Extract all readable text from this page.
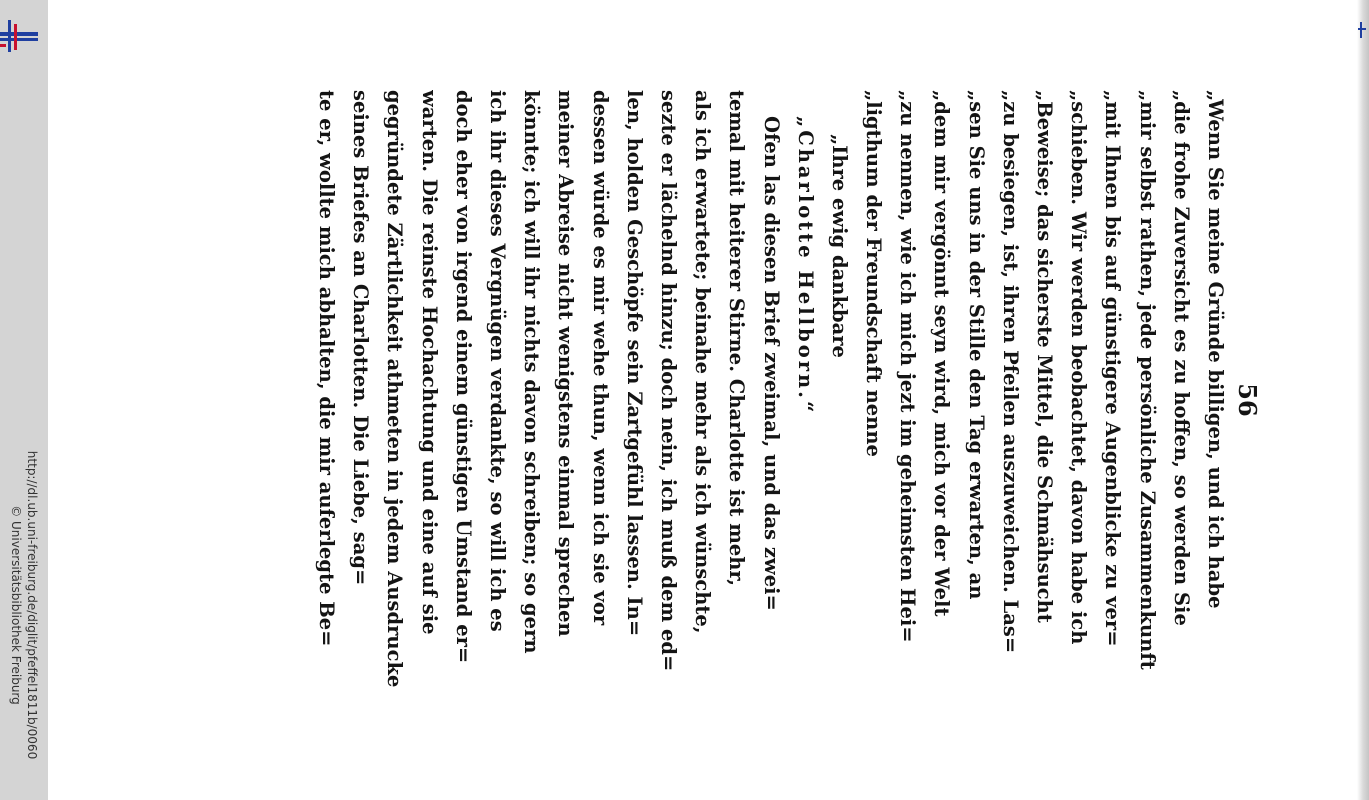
http://dl.ub.uni-freiburg.de/diglit/pfeffel1811b/0060
© Universitätsbibliothek Freiburg
56
„Wenn Sie meine Gründe billigen, und ich habe
„die frohe Zuversicht es zu hoffen, so werden Sie
„mir selbst rathen, jede persönliche Zusammenkunft
„mit Ihnen bis auf günstigere Augenblicke zu ver=
„schieben. Wir werden beobachtet, davon habe ich
„Beweise; das sicherste Mittel, die Schmähsucht
„zu besiegen, ist, ihren Pfeilen auszuweichen. Las=
„sen Sie uns in der Stille den Tag erwarten, an
„dem mir vergönnt seyn wird, mich vor der Welt
„zu nennen, wie ich mich jezt im geheimsten Hei=
„ligthum der Freundschaft nenne
„Ihre ewig dankbare
„Charlotte Hellborn.“
Ofen las diesen Brief zweimal, und das zwei=
temal mit heiterer Stirne. Charlotte ist mehr,
als ich erwartete; beinahe mehr als ich wünschte,
sezte er lächelnd hinzu; doch nein, ich muß dem ed=
len, holden Geschöpfe sein Zartgefühl lassen. In=
dessen würde es mir wehe thun, wenn ich sie vor
meiner Abreise nicht wenigstens einmal sprechen
könnte; ich will ihr nichts davon schreiben; so gern
ich ihr dieses Vergnügen verdankte, so will ich es
doch eher von irgend einem günstigen Umstand er=
warten. Die reinste Hochachtung und eine auf sie
gegründete Zärtlichkeit athmeten in jedem Ausdrucke
seines Briefes an Charlotten. Die Liebe, sag=
te er, wollte mich abhalten, die mir auferlegte Be=
